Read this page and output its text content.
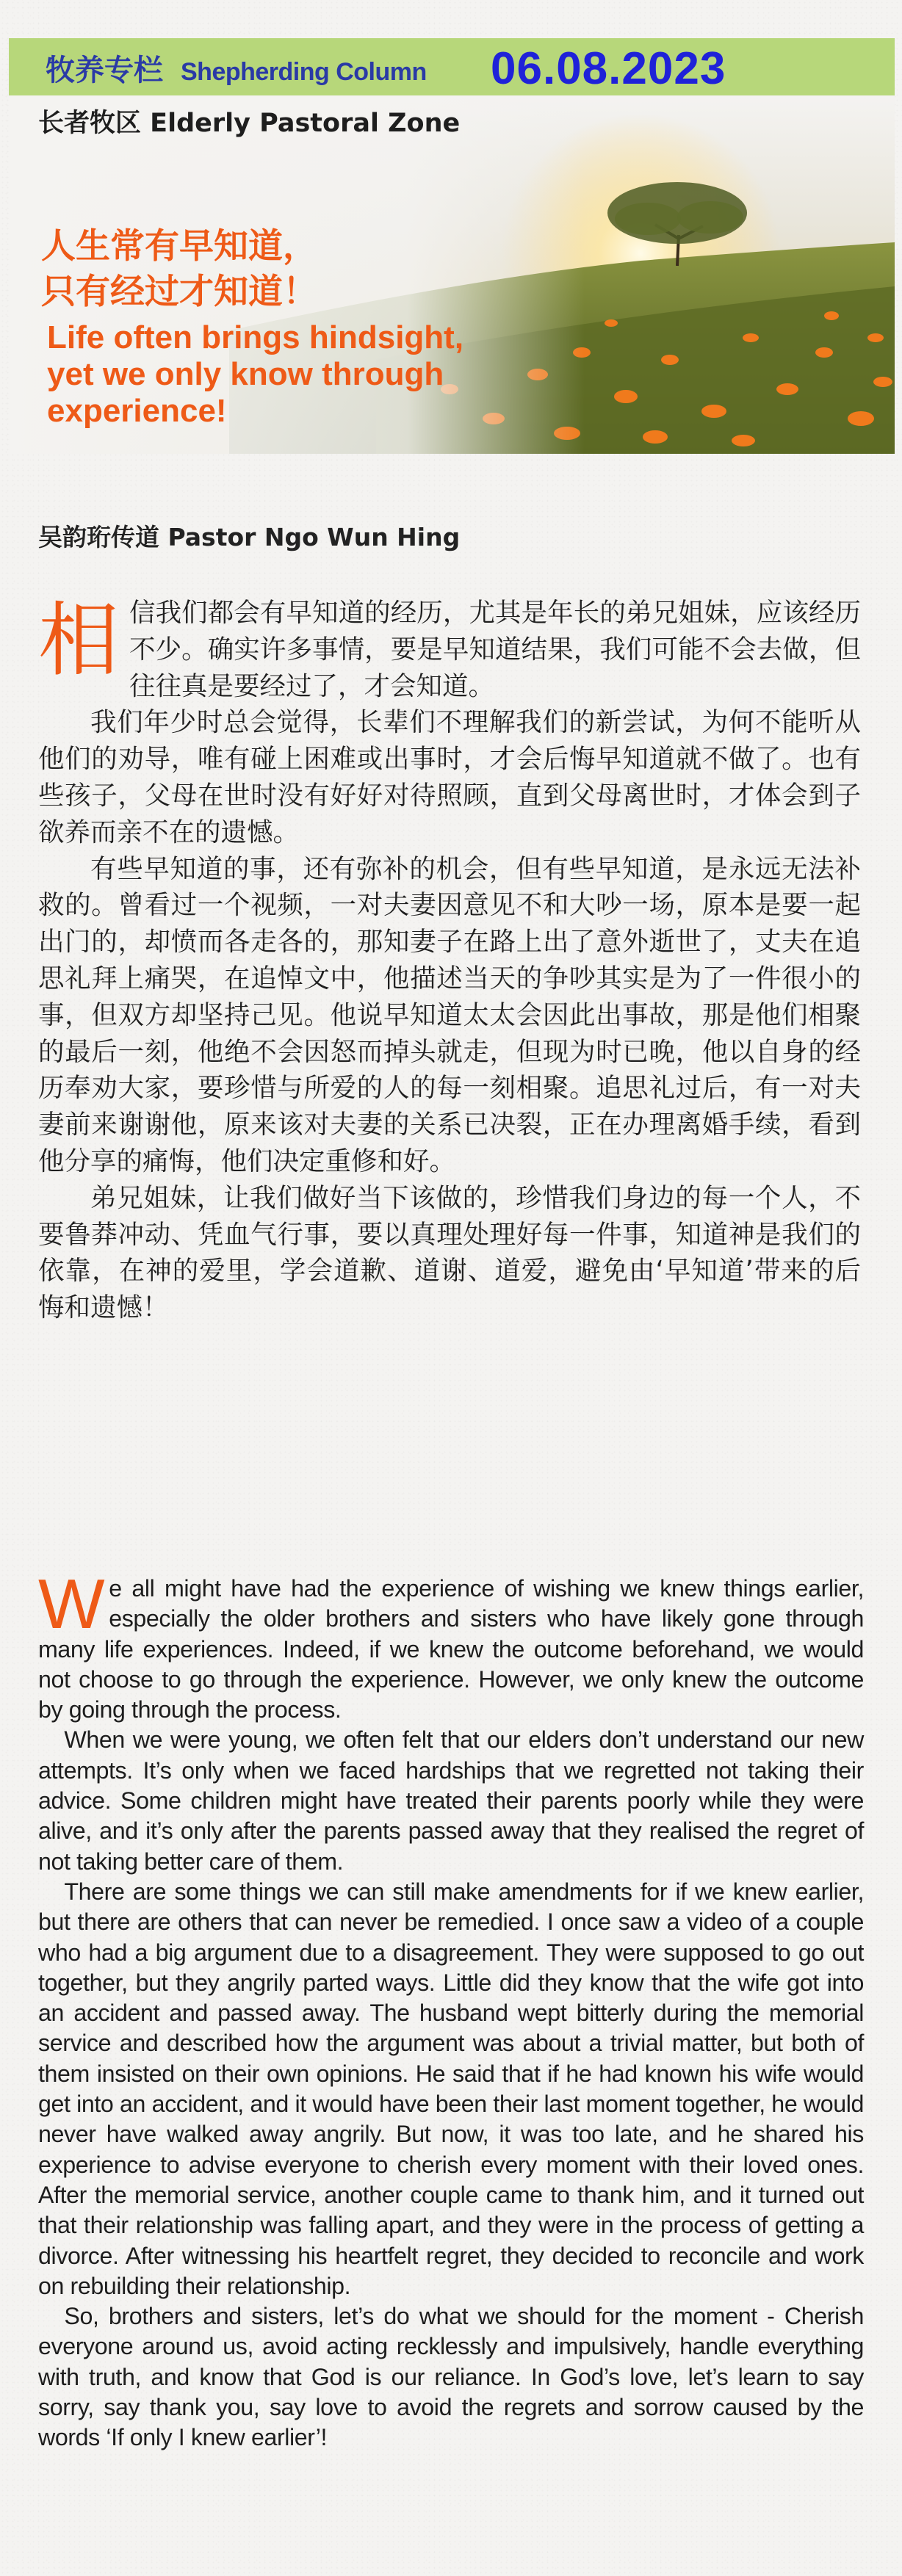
牧养专栏 Shepherding Column 06.08.2023
人生常有早知道，
只有经过才知道！
Life often brings hindsight,
yet we only know through
experience!
长者牧区 Elderly Pastoral Zone
吴韵珩传道 Pastor Ngo Wun Hing

相信我们都会有早知道的经历，尤其是年长的弟兄姐妹，应该经历不少。确实许多事情，要是早知道结果，我们可能不会去做，但往往真是要经过了，才会知道。

我们年少时总会觉得，长辈们不理解我们的新尝试，为何不能听从他们的劝导，唯有碰上困难或出事时，才会后悔早知道就不做了。也有些孩子，父母在世时没有好好对待照顾，直到父母离世时，才体会到子欲养而亲不在的遗憾。

有些早知道的事，还有弥补的机会，但有些早知道，是永远无法补救的。曾看过一个视频，一对夫妻因意见不和大吵一场，原本是要一起出门的，却愤而各走各的，那知妻子在路上出了意外逝世了，丈夫在追思礼拜上痛哭，在追悼文中，他描述当天的争吵其实是为了一件很小的事，但双方却坚持己见。他说早知道太太会因此出事故，那是他们相聚的最后一刻，他绝不会因怒而掉头就走，但现为时已晚，他以自身的经历奉劝大家，要珍惜与所爱的人的每一刻相聚。追思礼过后，有一对夫妻前来谢谢他，原来该对夫妻的关系已决裂，正在办理离婚手续，看到他分享的痛悔，他们决定重修和好。

弟兄姐妹，让我们做好当下该做的，珍惜我们身边的每一个人，不要鲁莽冲动、凭血气行事，要以真理处理好每一件事，知道神是我们的依靠，在神的爱里，学会道歉、道谢、道爱，避免由‘早知道’带来的后悔和遗憾！

We all might have had the experience of wishing we knew things earlier, especially the older brothers and sisters who have likely gone through many life experiences. Indeed, if we knew the outcome beforehand, we would not choose to go through the experience. However, we only knew the outcome by going through the process.

When we were young, we often felt that our elders don’t understand our new attempts. It’s only when we faced hardships that we regretted not taking their advice. Some children might have treated their parents poorly while they were alive, and it’s only after the parents passed away that they realised the regret of not taking better care of them.

There are some things we can still make amendments for if we knew earlier, but there are others that can never be remedied. I once saw a video of a couple who had a big argument due to a disagreement. They were supposed to go out together, but they angrily parted ways. Little did they know that the wife got into an accident and passed away. The husband wept bitterly during the memorial service and described how the argument was about a trivial matter, but both of them insisted on their own opinions. He said that if he had known his wife would get into an accident, and it would have been their last moment together, he would never have walked away angrily. But now, it was too late, and he shared his experience to advise everyone to cherish every moment with their loved ones. After the memorial service, another couple came to thank him, and it turned out that their relationship was falling apart, and they were in the process of getting a divorce. After witnessing his heartfelt regret, they decided to reconcile and work on rebuilding their relationship.

So, brothers and sisters, let’s do what we should for the moment - Cherish everyone around us, avoid acting recklessly and impulsively, handle everything with truth, and know that God is our reliance. In God’s love, let’s learn to say sorry, say thank you, say love to avoid the regrets and sorrow caused by the words ‘If only I knew earlier’!
